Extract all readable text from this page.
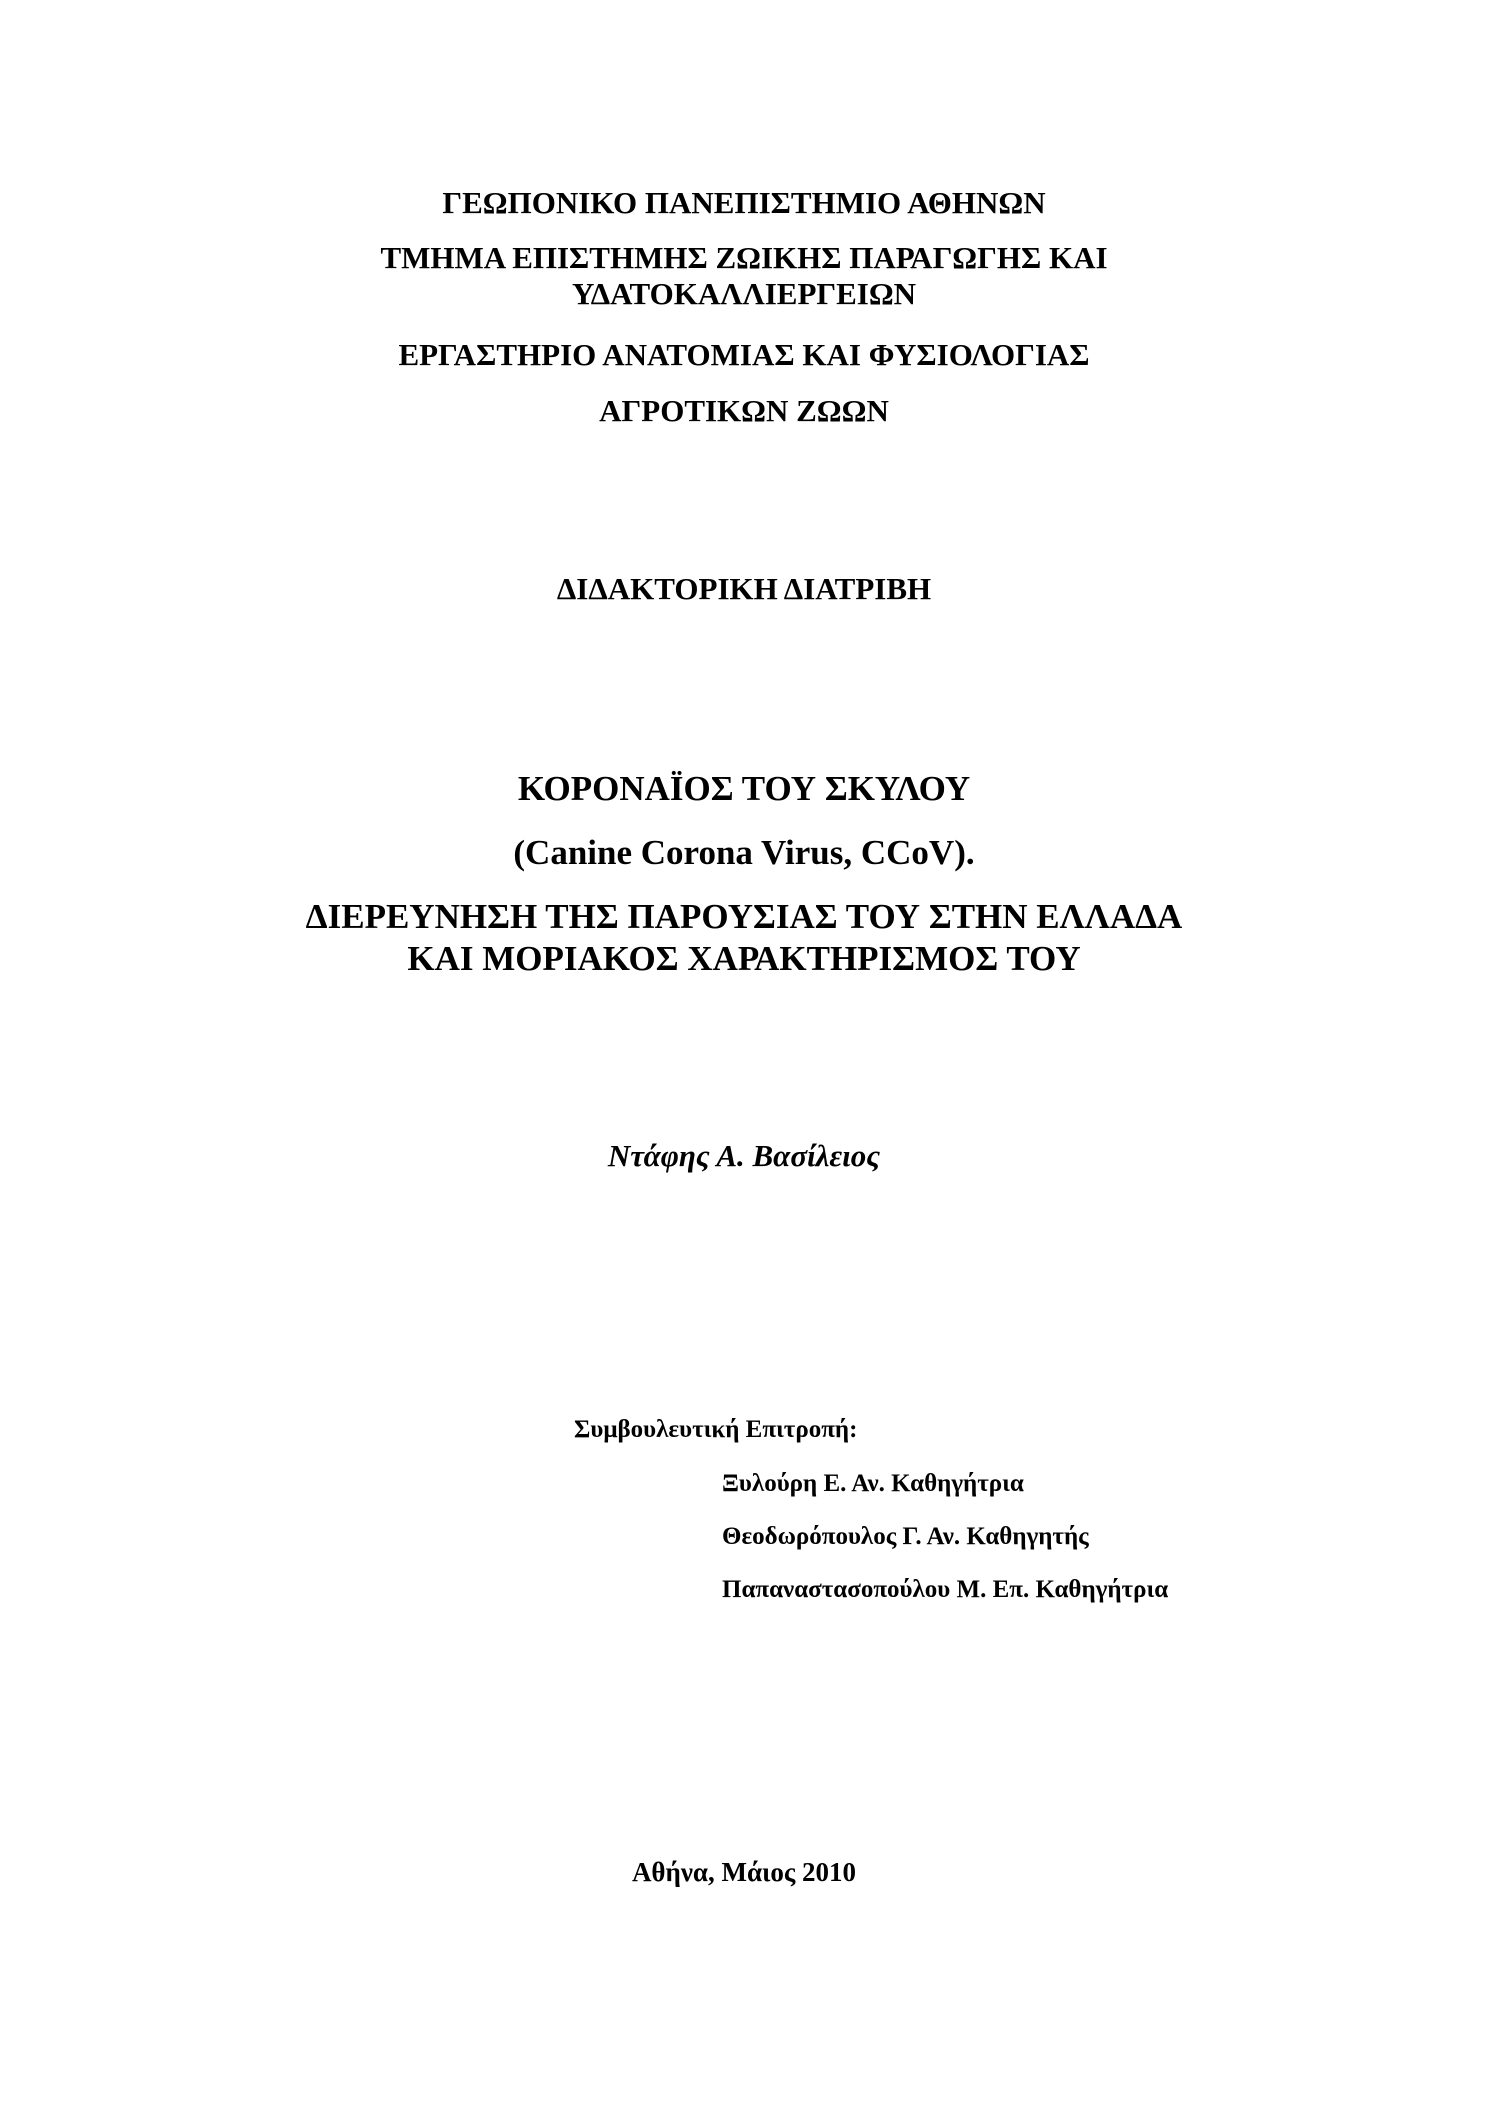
ΓΕΩΠΟΝΙΚΟ ΠΑΝΕΠΙΣΤΗΜΙΟ ΑΘΗΝΩΝ

ΤΜΗΜΑ ΕΠΙΣΤΗΜΗΣ ΖΩΙΚΗΣ ΠΑΡΑΓΩΓΗΣ ΚΑΙ

ΥΔΑΤΟΚΑΛΛΙΕΡΓΕΙΩΝ

ΕΡΓΑΣΤΗΡΙΟ ΑΝΑΤΟΜΙΑΣ ΚΑΙ ΦΥΣΙΟΛΟΓΙΑΣ

ΑΓΡΟΤΙΚΩΝ ΖΩΩΝ

ΔΙΔΑΚΤΟΡΙΚΗ ΔΙΑΤΡΙΒΗ

ΚΟΡΟΝΑΪΟΣ ΤΟΥ ΣΚΥΛΟΥ

(Canine Corona Virus, CCoV).

ΔΙΕΡΕΥΝΗΣΗ ΤΗΣ ΠΑΡΟΥΣΙΑΣ ΤΟΥ ΣΤΗΝ ΕΛΛΑΔΑ

ΚΑΙ ΜΟΡΙΑΚΟΣ ΧΑΡΑΚΤΗΡΙΣΜΟΣ ΤΟΥ

Ντάφης Α. Βασίλειος

Συμβουλευτική Επιτροπή:

Ξυλούρη Ε. Αν. Καθηγήτρια

Θεοδωρόπουλος Γ. Αν. Καθηγητής

Παπαναστασοπούλου Μ. Επ. Καθηγήτρια

Αθήνα, Μάιος 2010
